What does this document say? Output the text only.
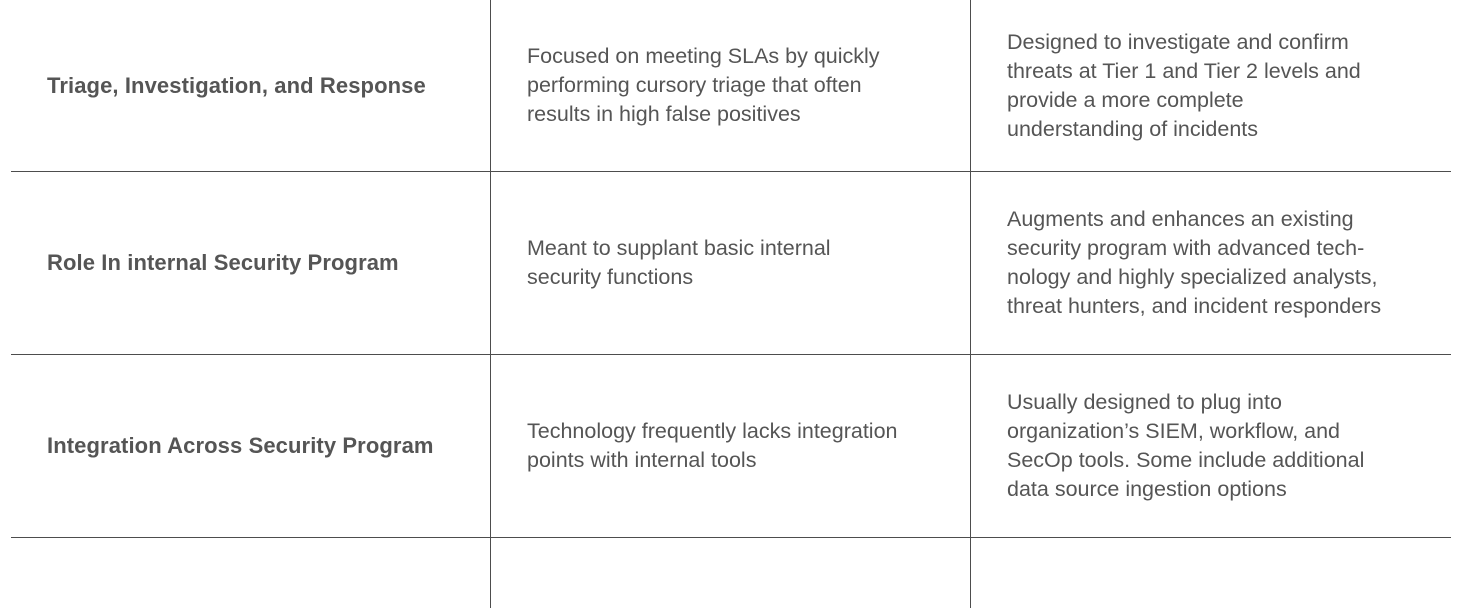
Triage, Investigation, and Response
Focused on meeting SLAs by quickly
performing cursory triage that often
results in high false positives
Designed to investigate and confirm
threats at Tier 1 and Tier 2 levels and
provide a more complete
understanding of incidents
Role In internal Security Program
Meant to supplant basic internal
security functions
Augments and enhances an existing
security program with advanced tech-
nology and highly specialized analysts,
threat hunters, and incident responders
Integration Across Security Program
Technology frequently lacks integration
points with internal tools
Usually designed to plug into
organization’s SIEM, workflow, and
SecOp tools. Some include additional
data source ingestion options
